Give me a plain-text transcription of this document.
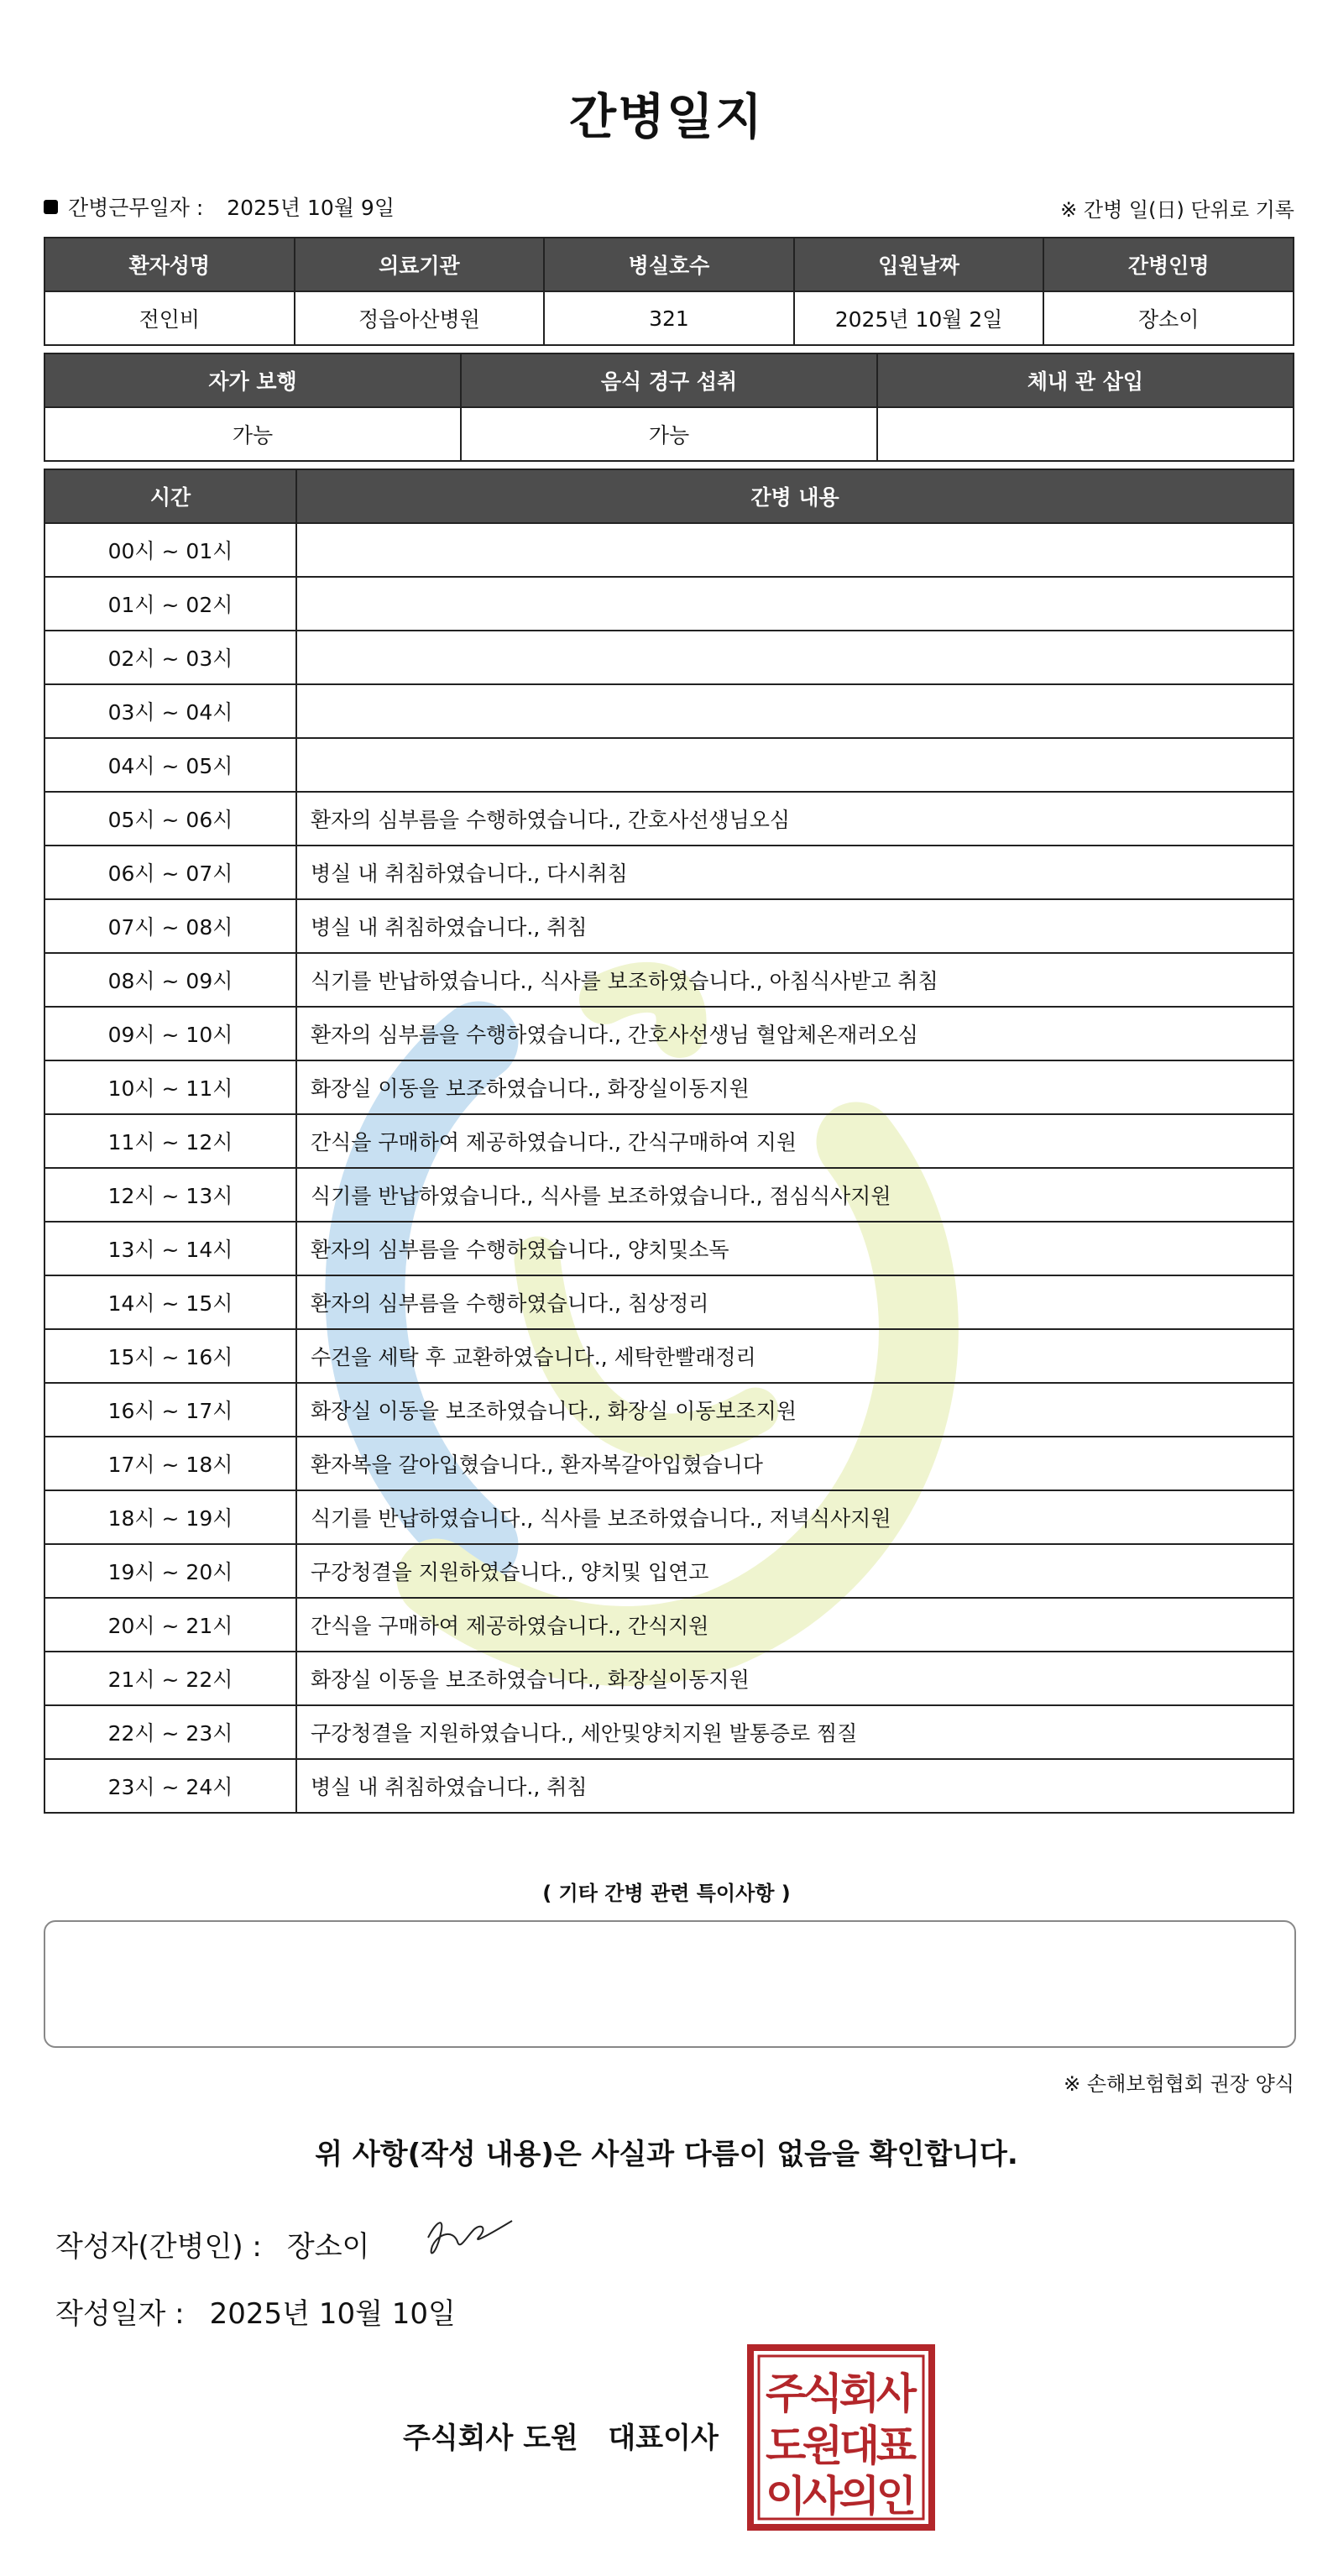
간병일지
간병근무일자 : 2025년 10월 9일	※ 간병 일(日) 단위로 기록
환자성명	의료기관	병실호수	입원날짜	간병인명
전인비	정읍아산병원	321	2025년 10월 2일	장소이
자가 보행	음식 경구 섭취	체내 관 삽입
가능	가능	
시간	간병 내용
00시 ~ 01시	
01시 ~ 02시	
02시 ~ 03시	
03시 ~ 04시	
04시 ~ 05시	
05시 ~ 06시	환자의 심부름을 수행하였습니다., 간호사선생님오심
06시 ~ 07시	병실 내 취침하였습니다., 다시취침
07시 ~ 08시	병실 내 취침하였습니다., 취침
08시 ~ 09시	식기를 반납하였습니다., 식사를 보조하였습니다., 아침식사받고 취침
09시 ~ 10시	환자의 심부름을 수행하였습니다., 간호사선생님 혈압체온재러오심
10시 ~ 11시	화장실 이동을 보조하였습니다., 화장실이동지원
11시 ~ 12시	간식을 구매하여 제공하였습니다., 간식구매하여 지원
12시 ~ 13시	식기를 반납하였습니다., 식사를 보조하였습니다., 점심식사지원
13시 ~ 14시	환자의 심부름을 수행하였습니다., 양치및소독
14시 ~ 15시	환자의 심부름을 수행하였습니다., 침상정리
15시 ~ 16시	수건을 세탁 후 교환하였습니다., 세탁한빨래정리
16시 ~ 17시	화장실 이동을 보조하였습니다., 화장실 이동보조지원
17시 ~ 18시	환자복을 갈아입혔습니다., 환자복갈아입혔습니다
18시 ~ 19시	식기를 반납하였습니다., 식사를 보조하였습니다., 저녁식사지원
19시 ~ 20시	구강청결을 지원하였습니다., 양치및 입연고
20시 ~ 21시	간식을 구매하여 제공하였습니다., 간식지원
21시 ~ 22시	화장실 이동을 보조하였습니다., 화장실이동지원
22시 ~ 23시	구강청결을 지원하였습니다., 세안및양치지원 발통증로 찜질
23시 ~ 24시	병실 내 취침하였습니다., 취침
( 기타 간병 관련 특이사항 )
※ 손해보험협회 권장 양식
위 사항(작성 내용)은 사실과 다름이 없음을 확인합니다.
작성자(간병인) : 장소이
작성일자 : 2025년 10월 10일
주식회사 도원   대표이사
주식회사
도원대표
이사의인
